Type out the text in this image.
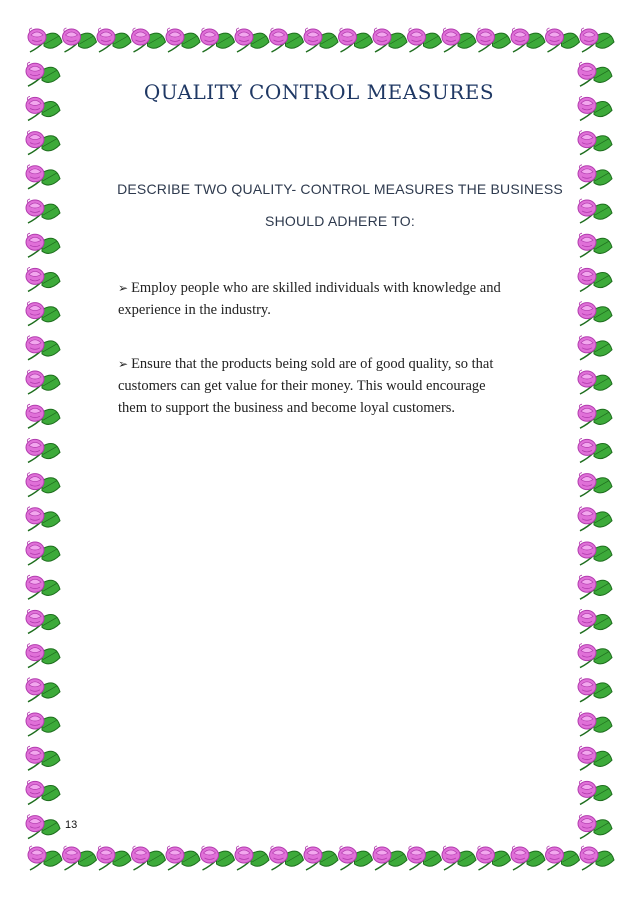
QUALITY CONTROL MEASURES
DESCRIBE TWO QUALITY- CONTROL MEASURES THE BUSINESS
SHOULD ADHERE TO:
➢ Employ people who are skilled individuals with knowledge and
experience in the industry.
➢ Ensure that the products being sold are of good quality, so that
customers can get value for their money. This would encourage
them to support the business and become loyal customers.
13
